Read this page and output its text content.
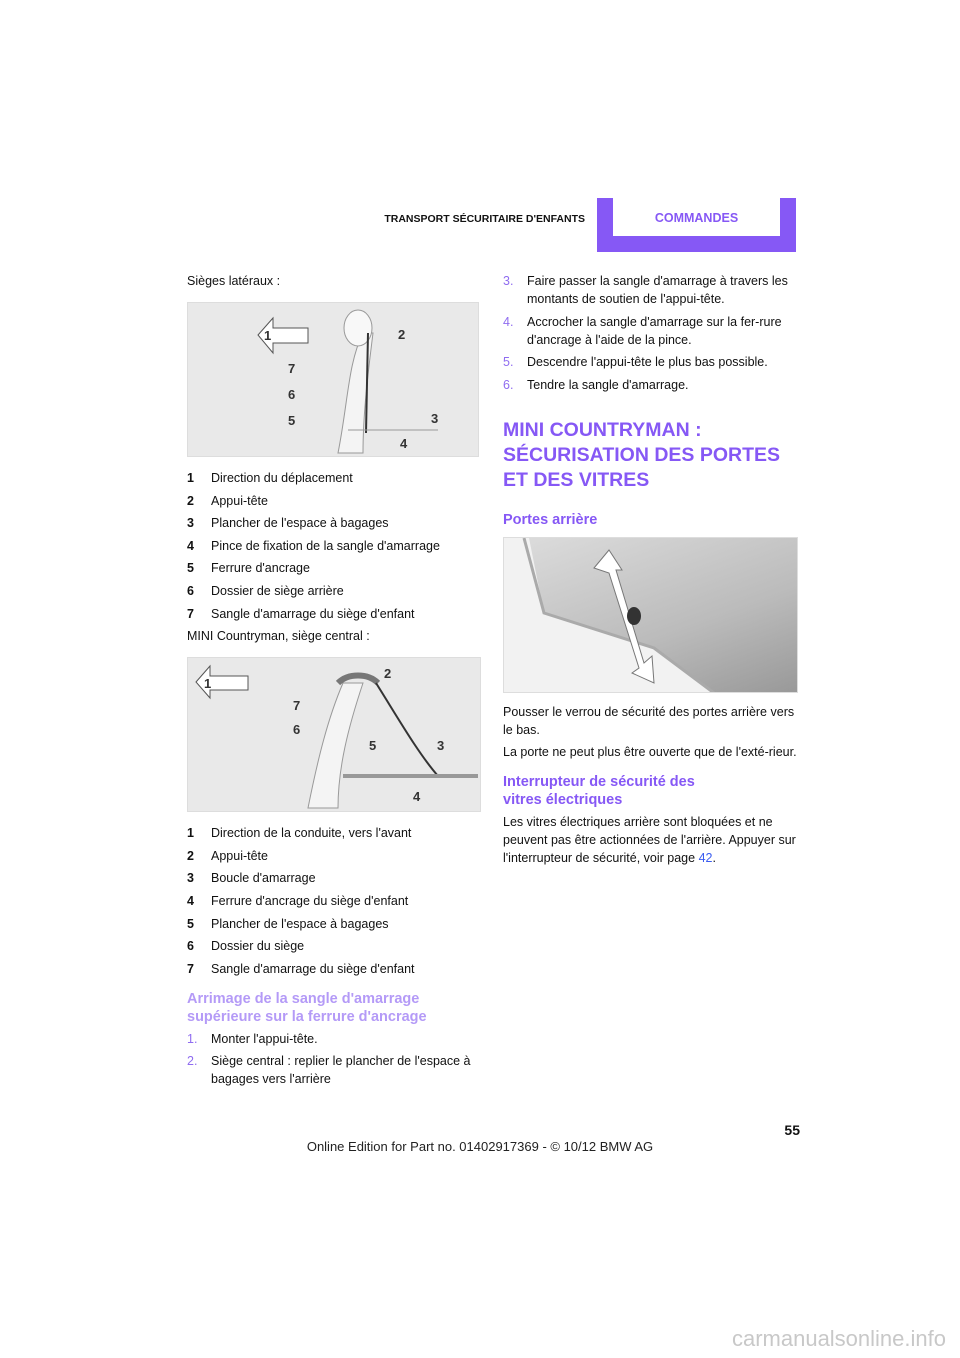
TRANSPORT SÉCURITAIRE D'ENFANTS	COMMANDES
Sièges latéraux :
1	2
7
6
5
4
3
1	Direction du déplacement
2	Appui-tête
3	Plancher de l'espace à bagages
4	Pince de fixation de la sangle d'amarrage
5	Ferrure d'ancrage
6	Dossier de siège arrière
7	Sangle d'amarrage du siège d'enfant
MINI Countryman, siège central :
1
2
7
6
5	3
4
1	Direction de la conduite, vers l'avant
2	Appui-tête
3	Boucle d'amarrage
4	Ferrure d'ancrage du siège d'enfant
5	Plancher de l'espace à bagages
6	Dossier du siège
7	Sangle d'amarrage du siège d'enfant
Arrimage de la sangle d'amarrage supérieure sur la ferrure d'ancrage
1.	Monter l'appui-tête.
2.	Siège central : replier le plancher de l'espace à bagages vers l'arrière
3.	Faire passer la sangle d'amarrage à travers les montants de soutien de l'appui-tête.
4.	Accrocher la sangle d'amarrage sur la fer-rure d'ancrage à l'aide de la pince.
5.	Descendre l'appui-tête le plus bas possible.
6.	Tendre la sangle d'amarrage.
MINI COUNTRYMAN : SÉCURISATION DES PORTES ET DES VITRES
Portes arrière

Pousser le verrou de sécurité des portes arrière vers le bas.

La porte ne peut plus être ouverte que de l'exté-rieur.

Interrupteur de sécurité des vitres électriques
Les vitres électriques arrière sont bloquées et ne peuvent pas être actionnées de l'arrière. Appuyer sur l'interrupteur de sécurité, voir page 42.
55
Online Edition for Part no. 01402917369 - © 10/12 BMW AG
carmanualsonline.info
